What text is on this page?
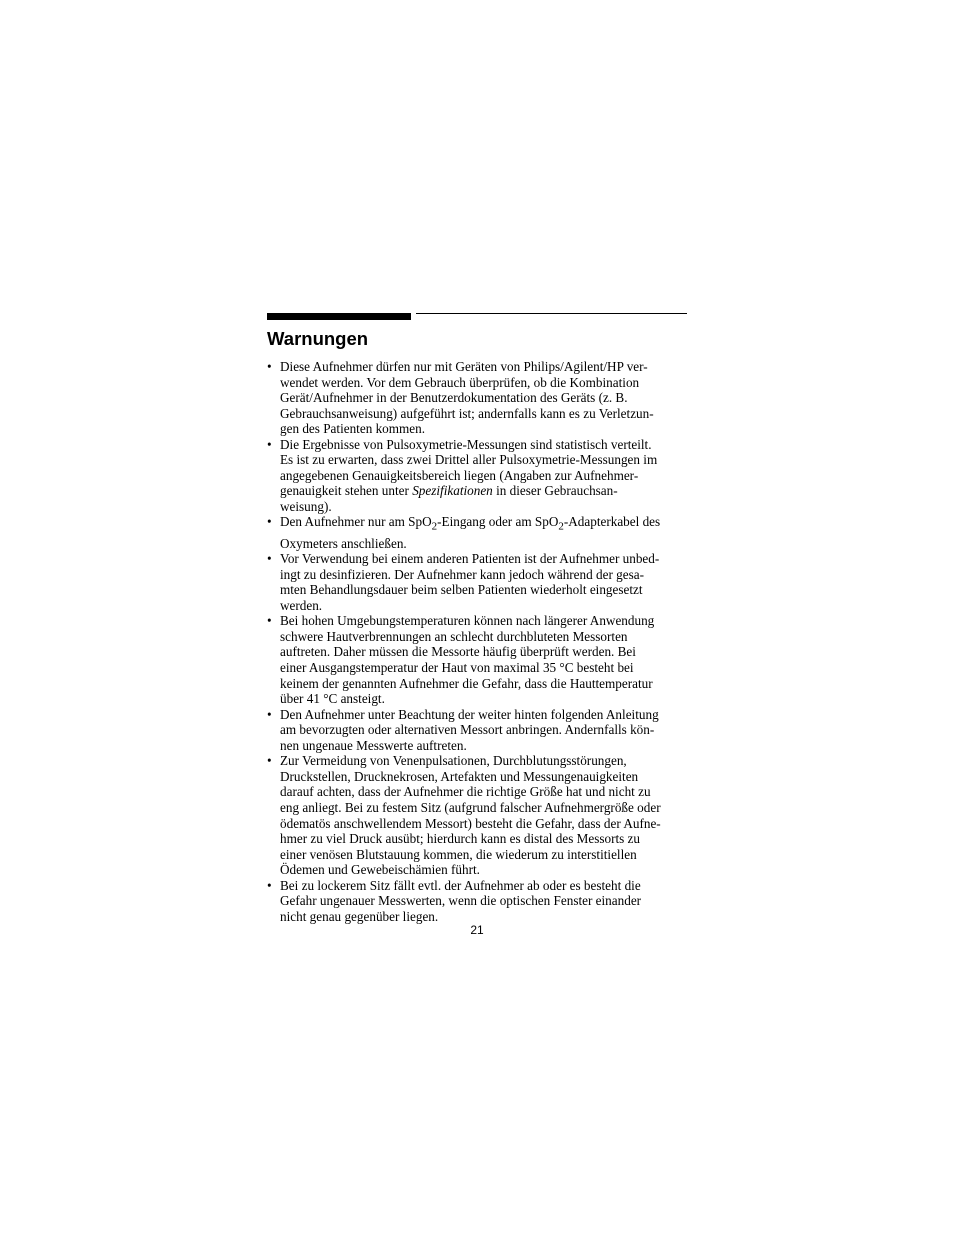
Warnungen
• Diese Aufnehmer dürfen nur mit Geräten von Philips/Agilent/HP ver-
wendet werden. Vor dem Gebrauch überprüfen, ob die Kombination
Gerät/Aufnehmer in der Benutzerdokumentation des Geräts (z. B.
Gebrauchsanweisung) aufgeführt ist; andernfalls kann es zu Verletzun-
gen des Patienten kommen.
• Die Ergebnisse von Pulsoxymetrie-Messungen sind statistisch verteilt.
Es ist zu erwarten, dass zwei Drittel aller Pulsoxymetrie-Messungen im
angegebenen Genauigkeitsbereich liegen (Angaben zur Aufnehmer-
genauigkeit stehen unter Spezifikationen in dieser Gebrauchsan-
weisung).
• Den Aufnehmer nur am SpO$_2$-Eingang oder am SpO$_2$-Adapterkabel des
Oxymeters anschließen.
• Vor Verwendung bei einem anderen Patienten ist der Aufnehmer unbed-
ingt zu desinfizieren. Der Aufnehmer kann jedoch während der gesa-
mten Behandlungsdauer beim selben Patienten wiederholt eingesetzt
werden.
• Bei hohen Umgebungstemperaturen können nach längerer Anwendung
schwere Hautverbrennungen an schlecht durchbluteten Messorten
auftreten. Daher müssen die Messorte häufig überprüft werden. Bei
einer Ausgangstemperatur der Haut von maximal 35 °C besteht bei
keinem der genannten Aufnehmer die Gefahr, dass die Hauttemperatur
über 41 °C ansteigt.
• Den Aufnehmer unter Beachtung der weiter hinten folgenden Anleitung
am bevorzugten oder alternativen Messort anbringen. Andernfalls kön-
nen ungenaue Messwerte auftreten.
• Zur Vermeidung von Venenpulsationen, Durchblutungsstörungen,
Druckstellen, Drucknekrosen, Artefakten und Messungenauigkeiten
darauf achten, dass der Aufnehmer die richtige Größe hat und nicht zu
eng anliegt. Bei zu festem Sitz (aufgrund falscher Aufnehmergröße oder
ödematös anschwellendem Messort) besteht die Gefahr, dass der Aufne-
hmer zu viel Druck ausübt; hierdurch kann es distal des Messorts zu
einer venösen Blutstauung kommen, die wiederum zu interstitiellen
Ödemen und Gewebeischämien führt.
• Bei zu lockerem Sitz fällt evtl. der Aufnehmer ab oder es besteht die
Gefahr ungenauer Messwerten, wenn die optischen Fenster einander
nicht genau gegenüber liegen.
21
